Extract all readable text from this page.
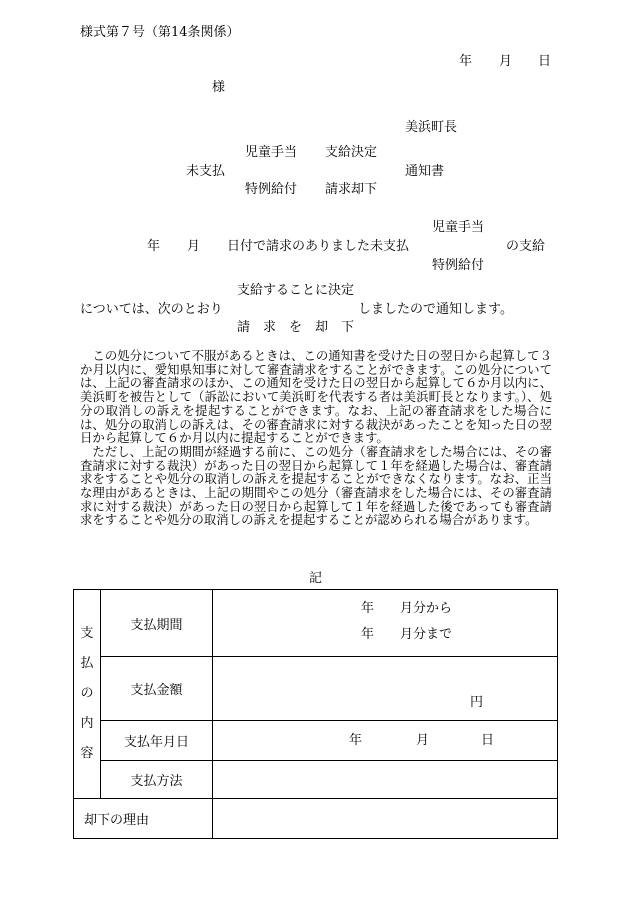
様式第７号（第14条関係）
年 月 日
様
美浜町長
児童手当 支給決定
未支払	通知書
特例給付 請求却下
児童手当
年 月 日付で請求のありました未支払	の支給
特例給付
支給することに決定
については、次のとおり	しましたので通知します。
請　求　を　却　下

この処分について不服があるときは、この通知書を受けた日の翌日から起算して３か月以内に、愛知県知事に対して審査請求をすることができます。この処分については、上記の審査請求のほか、この通知を受けた日の翌日から起算して６か月以内に、美浜町を被告として（訴訟において美浜町を代表する者は美浜町長となります。）、処分の取消しの訴えを提起することができます。なお、上記の審査請求をした場合には、処分の取消しの訴えは、その審査請求に対する裁決があったことを知った日の翌日から起算して６か月以内に提起することができます。

ただし、上記の期間が経過する前に、この処分（審査請求をした場合には、その審査請求に対する裁決）があった日の翌日から起算して１年を経過した場合は、審査請求をすることや処分の取消しの訴えを提起することができなくなります。なお、正当な理由があるときは、上記の期間やこの処分（審査請求をした場合には、その審査請求に対する裁決）があった日の翌日から起算して１年を経過した後であっても審査請求をすることや処分の取消しの訴えを提起することが認められる場合があります。

記
支
払
の
内
容	支払期間	年　　月分から
年　　月分まで

	支払金額	円

	支払年月日	年 月 日

	支払方法	
却下の理由		
